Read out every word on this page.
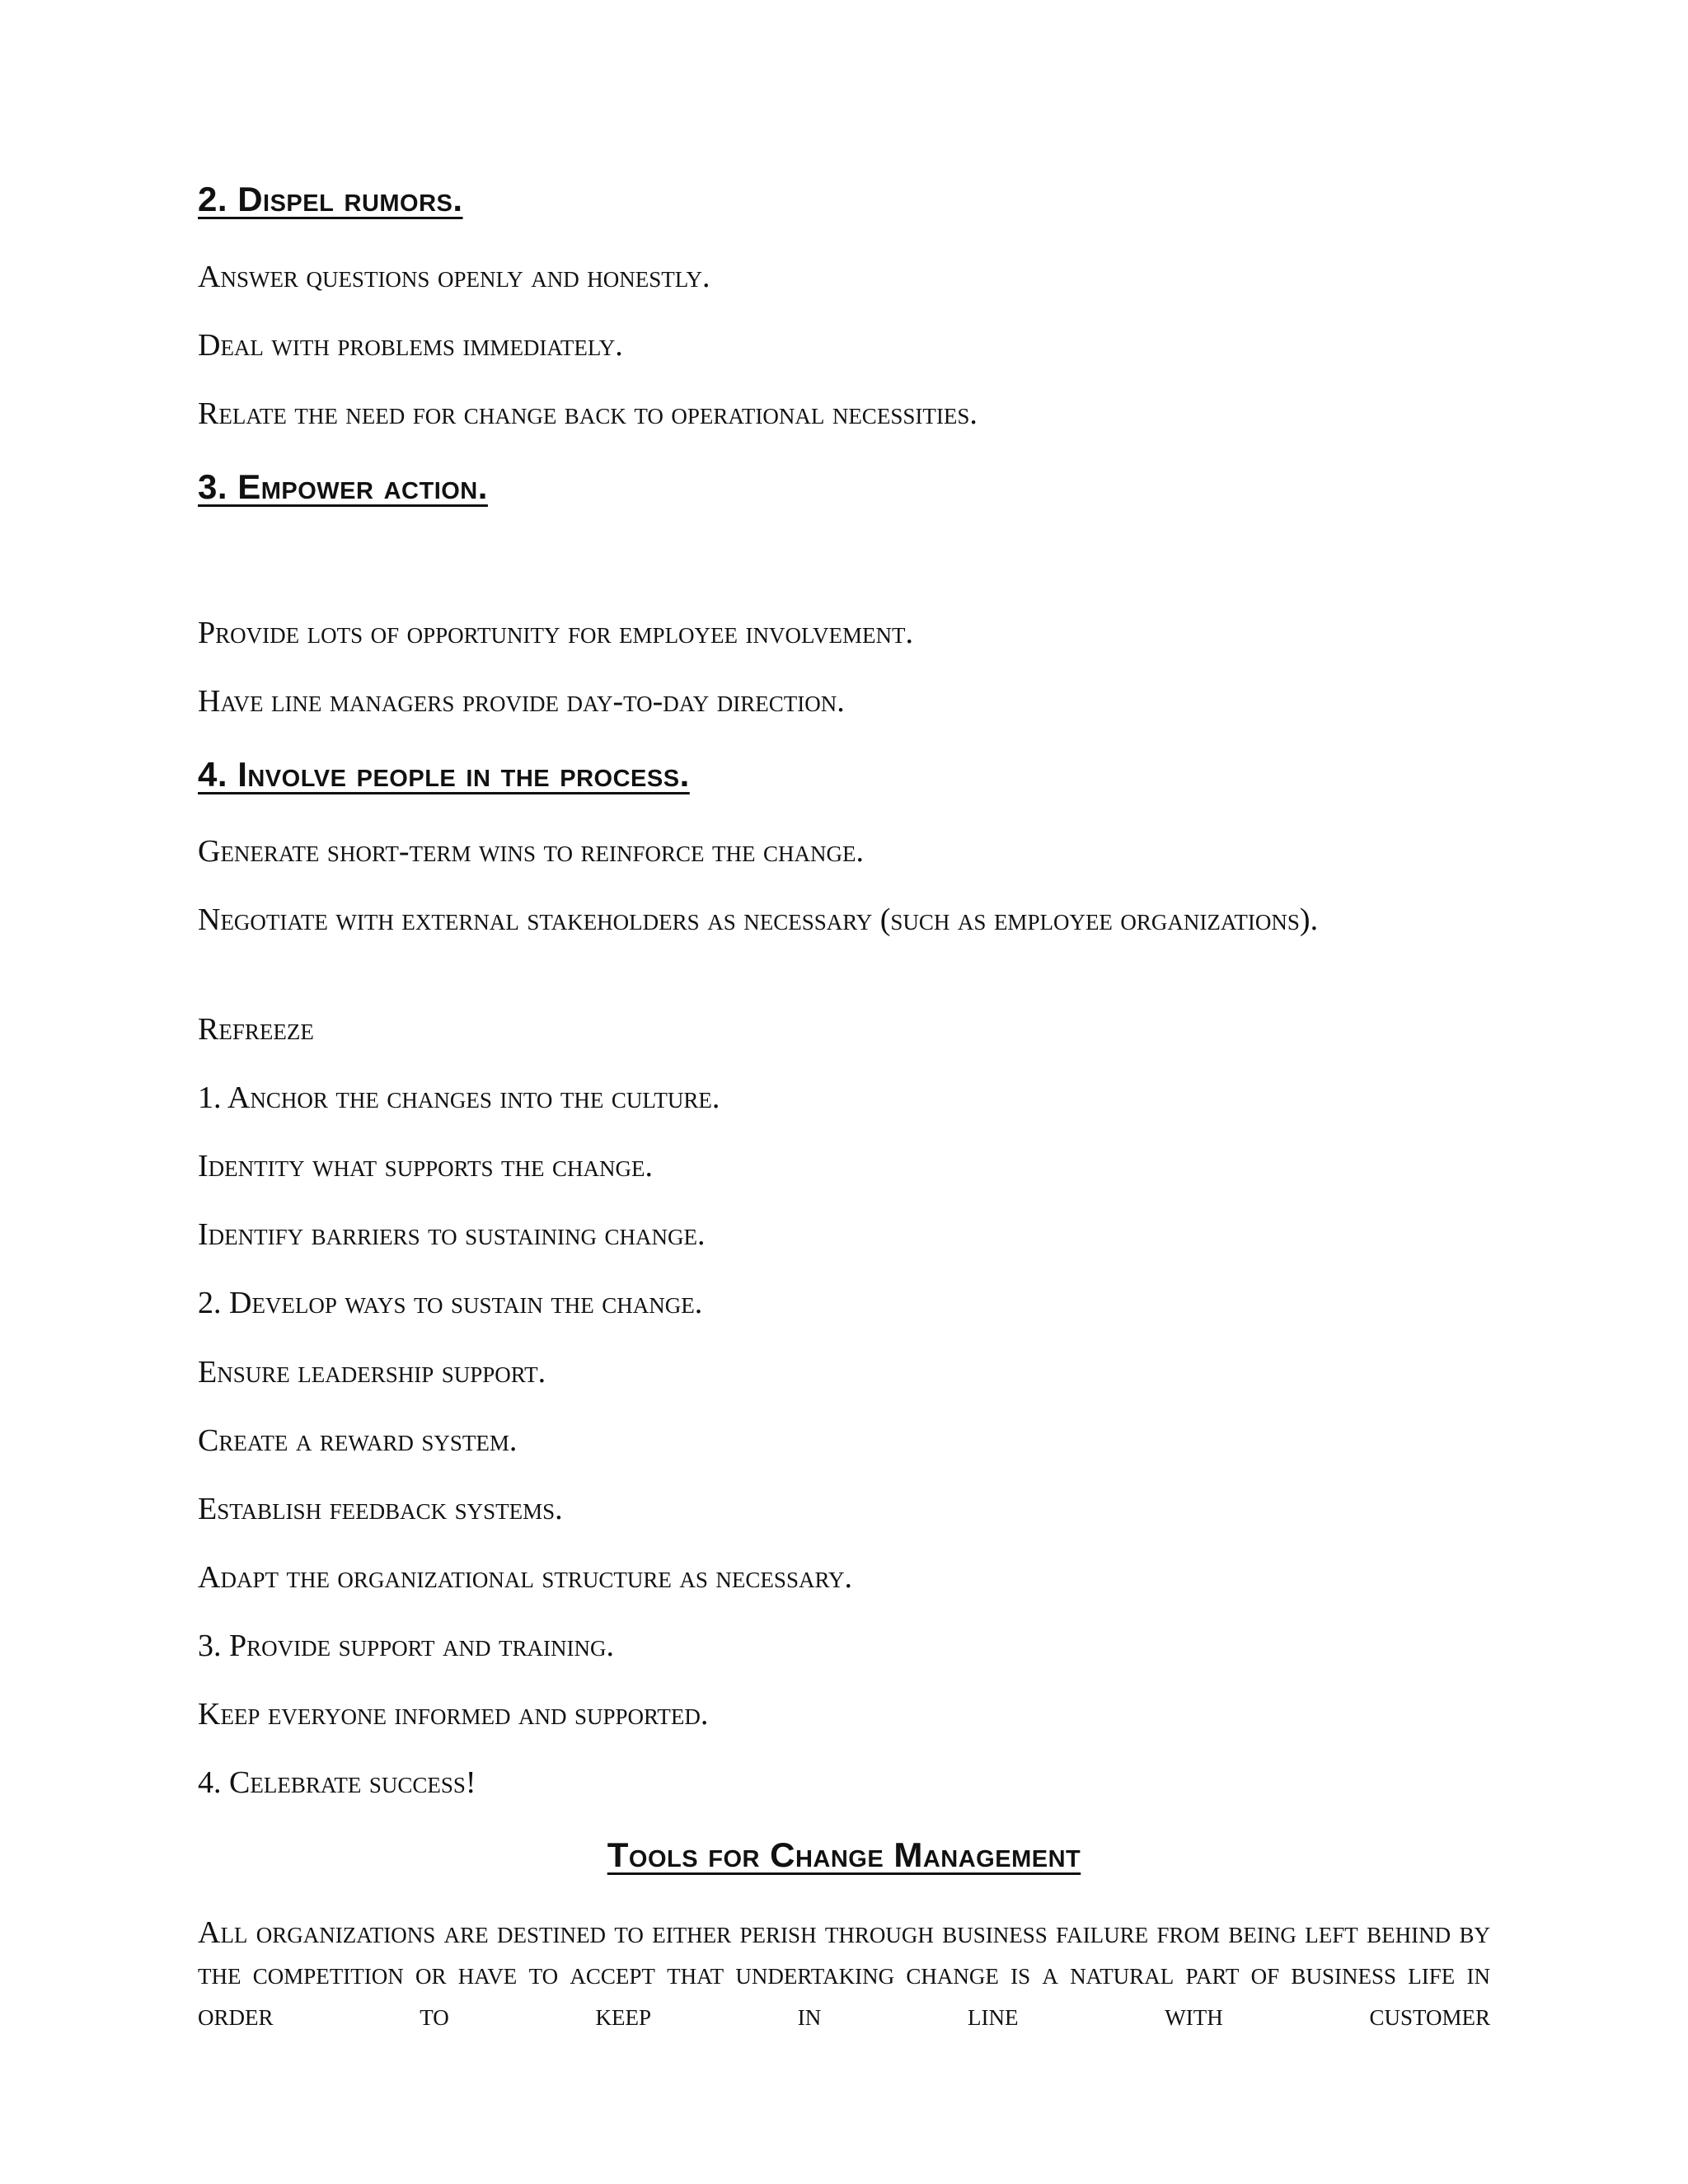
2. Dispel rumors.

Answer questions openly and honestly.

Deal with problems immediately.

Relate the need for change back to operational necessities.

3. Empower action.

Provide lots of opportunity for employee involvement.

Have line managers provide day-to-day direction.

4. Involve people in the process.

Generate short-term wins to reinforce the change.

Negotiate with external stakeholders as necessary (such as employee organizations).

Refreeze

1. Anchor the changes into the culture.

Identity what supports the change.

Identify barriers to sustaining change.

2. Develop ways to sustain the change.

Ensure leadership support.

Create a reward system.

Establish feedback systems.

Adapt the organizational structure as necessary.

3. Provide support and training.

Keep everyone informed and supported.

4. Celebrate success!

Tools for Change Management

All organizations are destined to either perish through business failure from being left behind by the competition or have to accept that undertaking change is a natural part of business life in order to keep in line with customer
